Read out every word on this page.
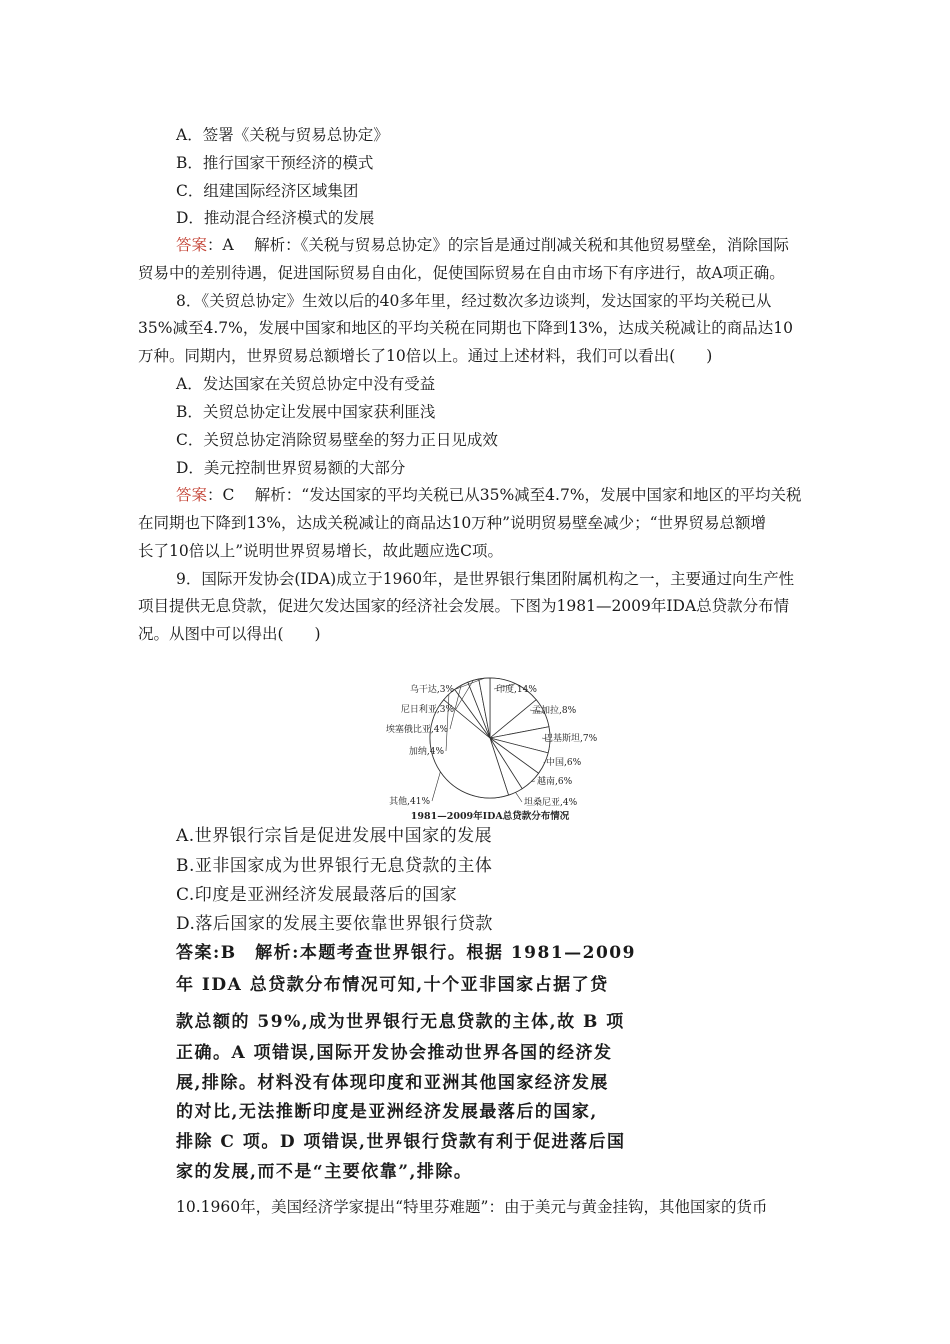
A．签署《关税与贸易总协定》
B．推行国家干预经济的模式
C．组建国际经济区域集团
D．推动混合经济模式的发展
答案：A　 解析：《关税与贸易总协定》的宗旨是通过削减关税和其他贸易壁垒，消除国际
贸易中的差别待遇，促进国际贸易自由化，促使国际贸易在自由市场下有序进行，故A项正确。
8．《关贸总协定》生效以后的40多年里，经过数次多边谈判，发达国家的平均关税已从
35%减至4.7%，发展中国家和地区的平均关税在同期也下降到13%，达成关税减让的商品达10
万种。同期内，世界贸易总额增长了10倍以上。通过上述材料，我们可以看出(　　)
A．发达国家在关贸总协定中没有受益
B．关贸总协定让发展中国家获利匪浅
C．关贸总协定消除贸易壁垒的努力正日见成效
D．美元控制世界贸易额的大部分
答案：C　 解析：“发达国家的平均关税已从35%减至4.7%，发展中国家和地区的平均关税
在同期也下降到13%，达成关税减让的商品达10万种”说明贸易壁垒减少；“世界贸易总额增
长了10倍以上”说明世界贸易增长，故此题应选C项。
9．国际开发协会(IDA)成立于1960年，是世界银行集团附属机构之一，主要通过向生产性
项目提供无息贷款，促进欠发达国家的经济社会发展。下图为1981—2009年IDA总贷款分布情
况。从图中可以得出(　　)
印度,14%
孟加拉,8%
巴基斯坦,7%
中国,6%
越南,6%
坦桑尼亚,4%
其他,41%
加纳,4%
埃塞俄比亚,4%
尼日利亚,3%
乌干达,3%
1981—2009年IDA总贷款分布情况
A.世界银行宗旨是促进发展中国家的发展
B.亚非国家成为世界银行无息贷款的主体
C.印度是亚洲经济发展最落后的国家
D.落后国家的发展主要依靠世界银行贷款
答案:B　解析:本题考查世界银行。根据 1981—2009
年 IDA 总贷款分布情况可知,十个亚非国家占据了贷
款总额的 59%,成为世界银行无息贷款的主体,故 B 项
正确。A 项错误,国际开发协会推动世界各国的经济发
展,排除。材料没有体现印度和亚洲其他国家经济发展
的对比,无法推断印度是亚洲经济发展最落后的国家,
排除 C 项。D 项错误,世界银行贷款有利于促进落后国
家的发展,而不是“主要依靠”,排除。
10.1960年，美国经济学家提出“特里芬难题”：由于美元与黄金挂钩，其他国家的货币
